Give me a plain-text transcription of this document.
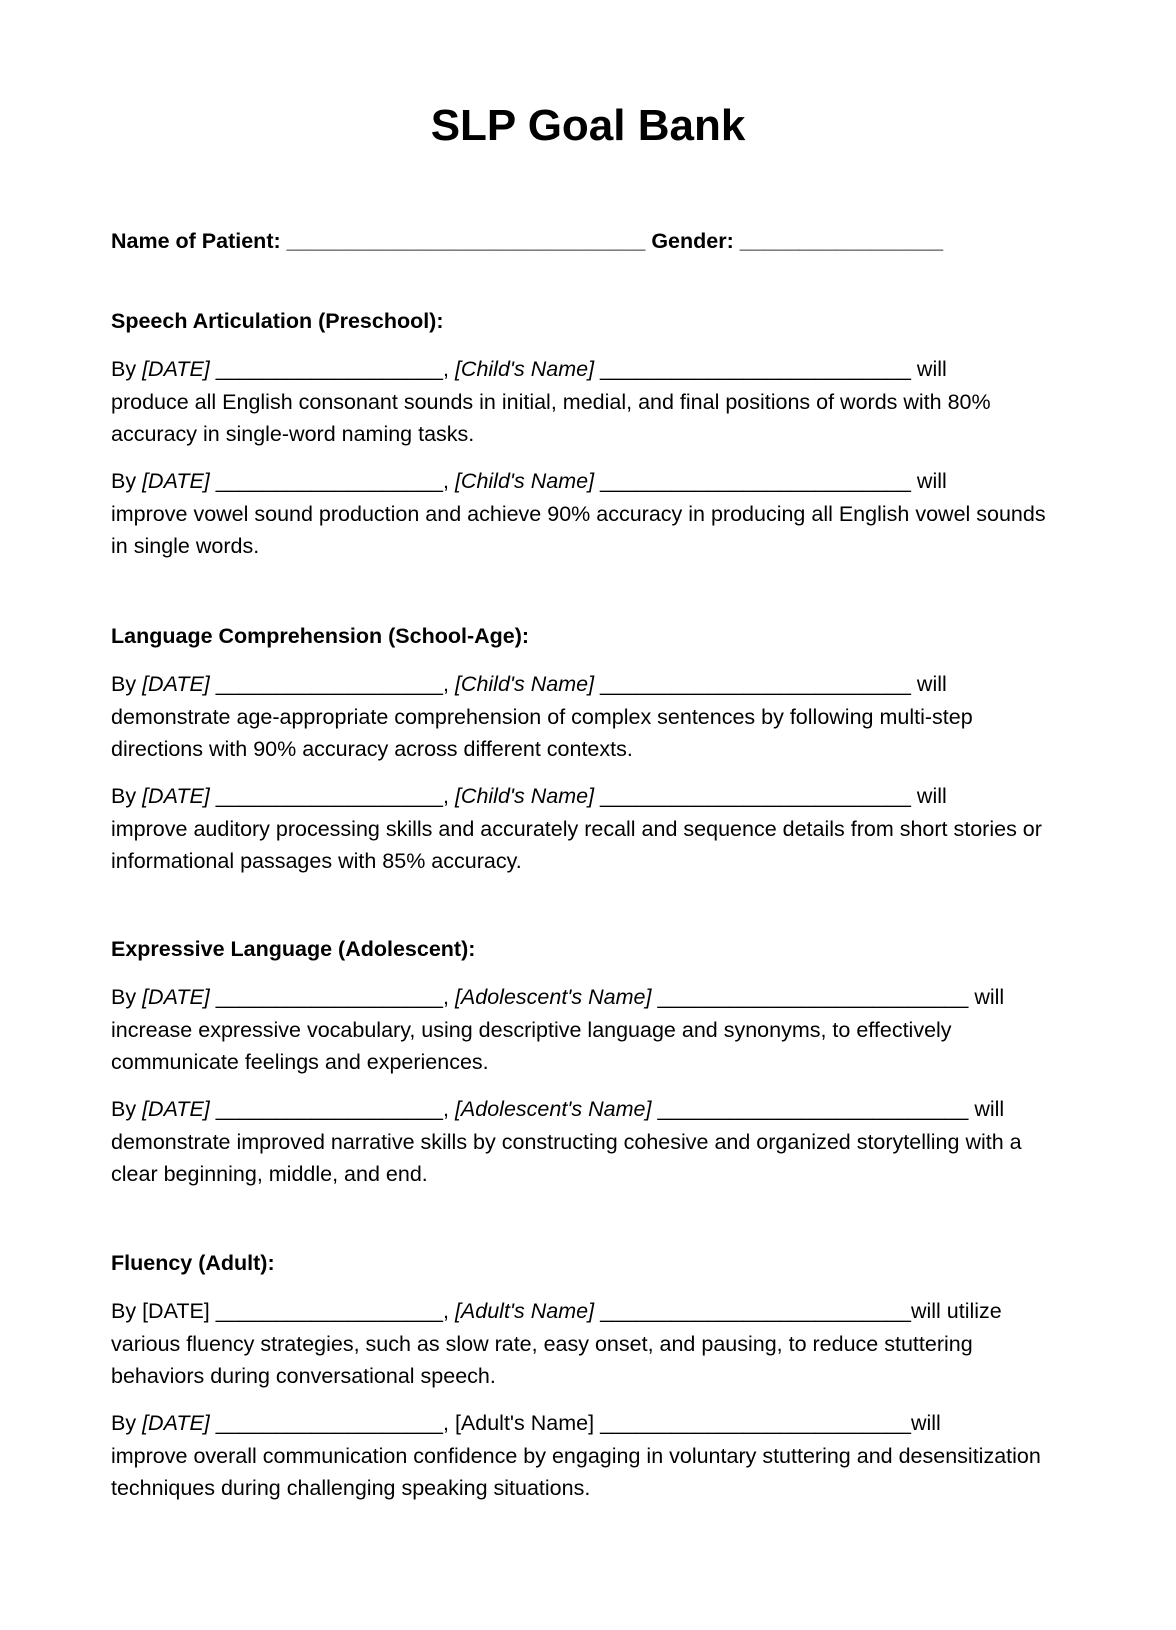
SLP Goal Bank
Name of Patient: ______________________________ Gender: _________________
Speech Articulation (Preschool):

By [DATE] ___________________, [Child's Name] __________________________ will
produce all English consonant sounds in initial, medial, and final positions of words with 80% accuracy in single-word naming tasks.

By [DATE] ___________________, [Child's Name] __________________________ will
improve vowel sound production and achieve 90% accuracy in producing all English vowel sounds in single words.

Language Comprehension (School-Age):

By [DATE] ___________________, [Child's Name] __________________________ will
demonstrate age-appropriate comprehension of complex sentences by following multi-step directions with 90% accuracy across different contexts.

By [DATE] ___________________, [Child's Name] __________________________ will
improve auditory processing skills and accurately recall and sequence details from short stories or informational passages with 85% accuracy.

Expressive Language (Adolescent):

By [DATE] ___________________, [Adolescent's Name] __________________________ will
increase expressive vocabulary, using descriptive language and synonyms, to effectively communicate feelings and experiences.

By [DATE] ___________________, [Adolescent's Name] __________________________ will
demonstrate improved narrative skills by constructing cohesive and organized storytelling with a clear beginning, middle, and end.

Fluency (Adult):

By [DATE] ___________________, [Adult's Name] __________________________will utilize
various fluency strategies, such as slow rate, easy onset, and pausing, to reduce stuttering behaviors during conversational speech.

By [DATE] ___________________, [Adult's Name] __________________________will
improve overall communication confidence by engaging in voluntary stuttering and desensitization techniques during challenging speaking situations.
